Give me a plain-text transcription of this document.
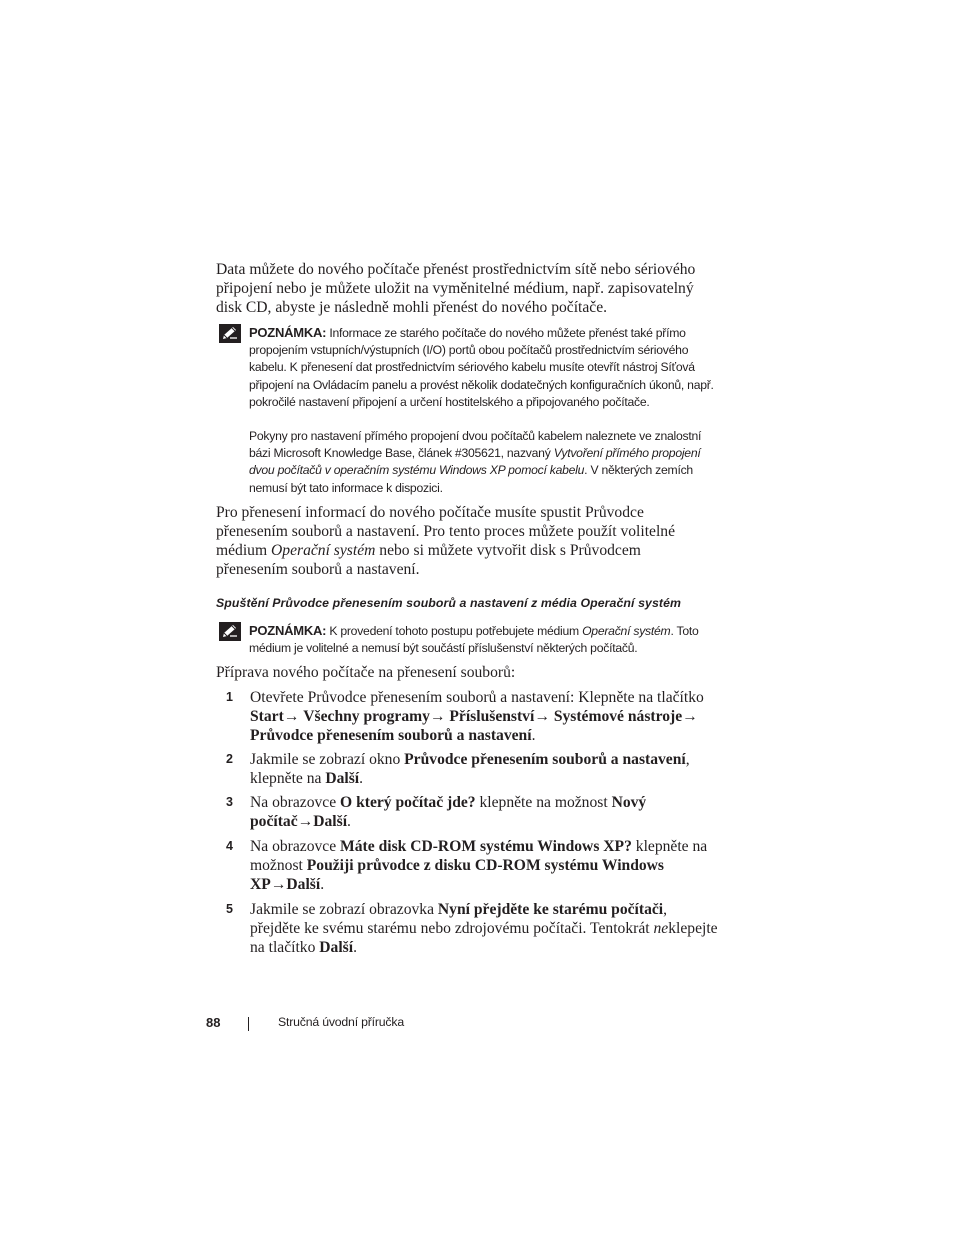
Data můžete do nového počítače přenést prostřednictvím sítě nebo sériového připojení nebo je můžete uložit na vyměnitelné médium, např. zapisovatelný disk CD, abyste je následně mohli přenést do nového počítače.
POZNÁMKA: Informace ze starého počítače do nového můžete přenést také přímo propojením vstupních/výstupních (I/O) portů obou počítačů prostřednictvím sériového kabelu. K přenesení dat prostřednictvím sériového kabelu musíte otevřít nástroj Síťová připojení na Ovládacím panelu a provést několik dodatečných konfiguračních úkonů, např. pokročilé nastavení připojení a určení hostitelského a připojovaného počítače.
Pokyny pro nastavení přímého propojení dvou počítačů kabelem naleznete ve znalostní bázi Microsoft Knowledge Base, článek #305621, nazvaný Vytvoření přímého propojení dvou počítačů v operačním systému Windows XP pomocí kabelu. V některých zemích nemusí být tato informace k dispozici.
Pro přenesení informací do nového počítače musíte spustit Průvodce přenesením souborů a nastavení. Pro tento proces můžete použít volitelné médium Operační systém nebo si můžete vytvořit disk s Průvodcem přenesením souborů a nastavení.
Spuštění Průvodce přenesením souborů a nastavení z média Operační systém
POZNÁMKA: K provedení tohoto postupu potřebujete médium Operační systém. Toto médium je volitelné a nemusí být součástí příslušenství některých počítačů.
Příprava nového počítače na přenesení souborů:
1 Otevřete Průvodce přenesením souborů a nastavení: Klepněte na tlačítko Start→ Všechny programy→ Příslušenství→ Systémové nástroje→ Průvodce přenesením souborů a nastavení.
2 Jakmile se zobrazí okno Průvodce přenesením souborů a nastavení, klepněte na Další.
3 Na obrazovce O který počítač jde? klepněte na možnost Nový počítač→Další.
4 Na obrazovce Máte disk CD-ROM systému Windows XP? klepněte na možnost Použiji průvodce z disku CD-ROM systému Windows XP→Další.
5 Jakmile se zobrazí obrazovka Nyní přejděte ke starému počítači, přejděte ke svému starému nebo zdrojovému počítači. Tentokrát neklepejte na tlačítko Další.
88	Stručná úvodní příručka
